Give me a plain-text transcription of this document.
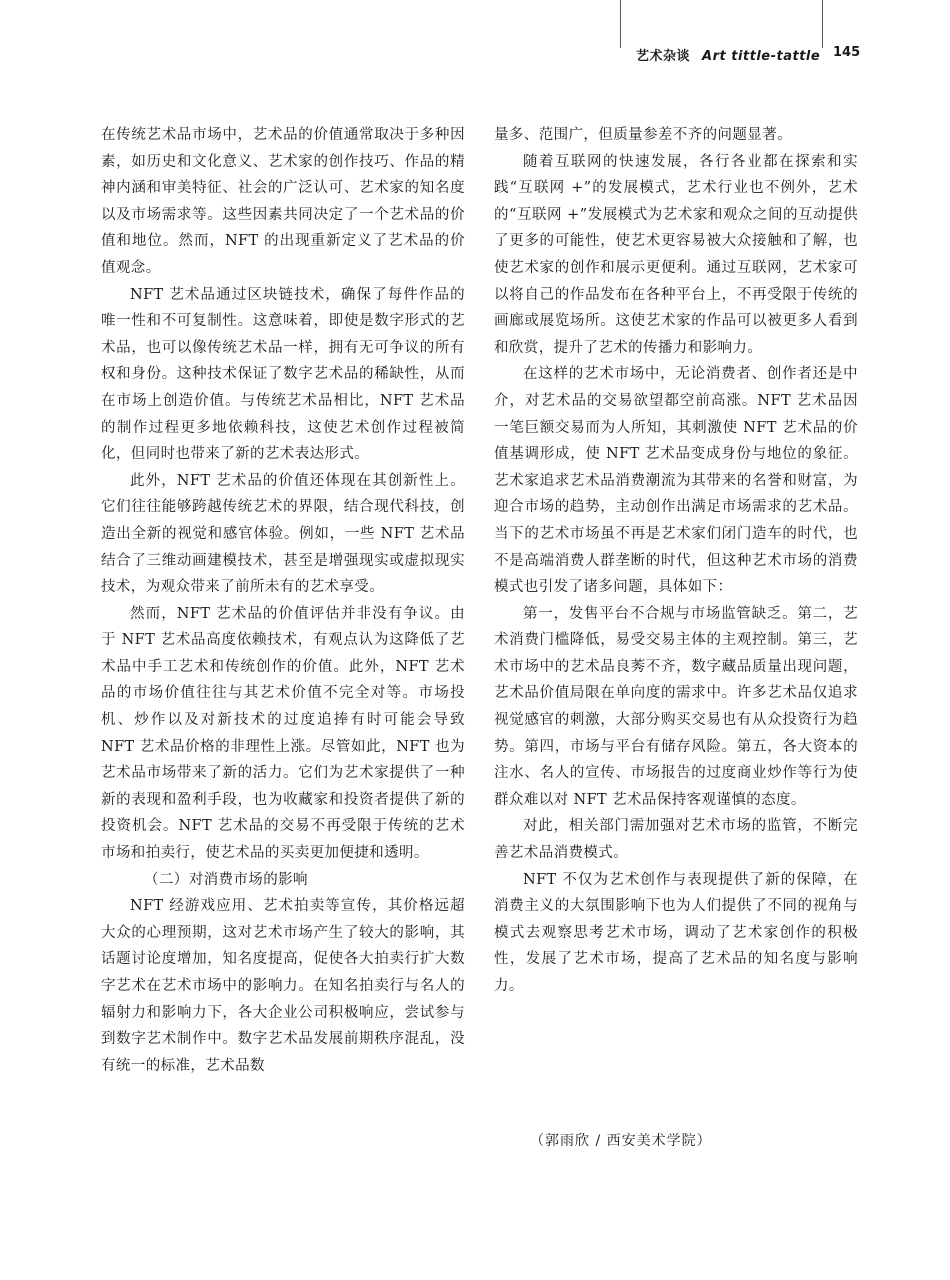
艺术杂谈 Art tittle-tattle 145

在传统艺术品市场中，艺术品的价值通常取决于多种因素，如历史和文化意义、艺术家的创作技巧、作品的精神内涵和审美特征、社会的广泛认可、艺术家的知名度以及市场需求等。这些因素共同决定了一个艺术品的价值和地位。然而，NFT 的出现重新定义了艺术品的价值观念。

NFT 艺术品通过区块链技术，确保了每件作品的唯一性和不可复制性。这意味着，即使是数字形式的艺术品，也可以像传统艺术品一样，拥有无可争议的所有权和身份。这种技术保证了数字艺术品的稀缺性，从而在市场上创造价值。与传统艺术品相比，NFT 艺术品的制作过程更多地依赖科技，这使艺术创作过程被简化，但同时也带来了新的艺术表达形式。

此外，NFT 艺术品的价值还体现在其创新性上。它们往往能够跨越传统艺术的界限，结合现代科技，创造出全新的视觉和感官体验。例如，一些 NFT 艺术品结合了三维动画建模技术，甚至是增强现实或虚拟现实技术，为观众带来了前所未有的艺术享受。

然而，NFT 艺术品的价值评估并非没有争议。由于 NFT 艺术品高度依赖技术，有观点认为这降低了艺术品中手工艺术和传统创作的价值。此外，NFT 艺术品的市场价值往往与其艺术价值不完全对等。市场投机、炒作以及对新技术的过度追捧有时可能会导致 NFT 艺术品价格的非理性上涨。尽管如此，NFT 也为艺术品市场带来了新的活力。它们为艺术家提供了一种新的表现和盈利手段，也为收藏家和投资者提供了新的投资机会。NFT 艺术品的交易不再受限于传统的艺术市场和拍卖行，使艺术品的买卖更加便捷和透明。

（二）对消费市场的影响

NFT 经游戏应用、艺术拍卖等宣传，其价格远超大众的心理预期，这对艺术市场产生了较大的影响，其话题讨论度增加，知名度提高，促使各大拍卖行扩大数字艺术在艺术市场中的影响力。在知名拍卖行与名人的辐射力和影响力下，各大企业公司积极响应，尝试参与到数字艺术制作中。数字艺术品发展前期秩序混乱，没有统一的标准，艺术品数

量多、范围广，但质量参差不齐的问题显著。

随着互联网的快速发展，各行各业都在探索和实践“互联网 +”的发展模式，艺术行业也不例外，艺术的“互联网 +”发展模式为艺术家和观众之间的互动提供了更多的可能性，使艺术更容易被大众接触和了解，也使艺术家的创作和展示更便利。通过互联网，艺术家可以将自己的作品发布在各种平台上，不再受限于传统的画廊或展览场所。这使艺术家的作品可以被更多人看到和欣赏，提升了艺术的传播力和影响力。

在这样的艺术市场中，无论消费者、创作者还是中介，对艺术品的交易欲望都空前高涨。NFT 艺术品因一笔巨额交易而为人所知，其刺激使 NFT 艺术品的价值基调形成，使 NFT 艺术品变成身份与地位的象征。艺术家追求艺术品消费潮流为其带来的名誉和财富，为迎合市场的趋势，主动创作出满足市场需求的艺术品。当下的艺术市场虽不再是艺术家们闭门造车的时代，也不是高端消费人群垄断的时代，但这种艺术市场的消费模式也引发了诸多问题，具体如下：

第一，发售平台不合规与市场监管缺乏。第二，艺术消费门槛降低，易受交易主体的主观控制。第三，艺术市场中的艺术品良莠不齐，数字藏品质量出现问题，艺术品价值局限在单向度的需求中。许多艺术品仅追求视觉感官的刺激，大部分购买交易也有从众投资行为趋势。第四，市场与平台有储存风险。第五，各大资本的注水、名人的宣传、市场报告的过度商业炒作等行为使群众难以对 NFT 艺术品保持客观谨慎的态度。

对此，相关部门需加强对艺术市场的监管，不断完善艺术品消费模式。

NFT 不仅为艺术创作与表现提供了新的保障，在消费主义的大氛围影响下也为人们提供了不同的视角与模式去观察思考艺术市场，调动了艺术家创作的积极性，发展了艺术市场，提高了艺术品的知名度与影响力。

（郭雨欣 / 西安美术学院）
